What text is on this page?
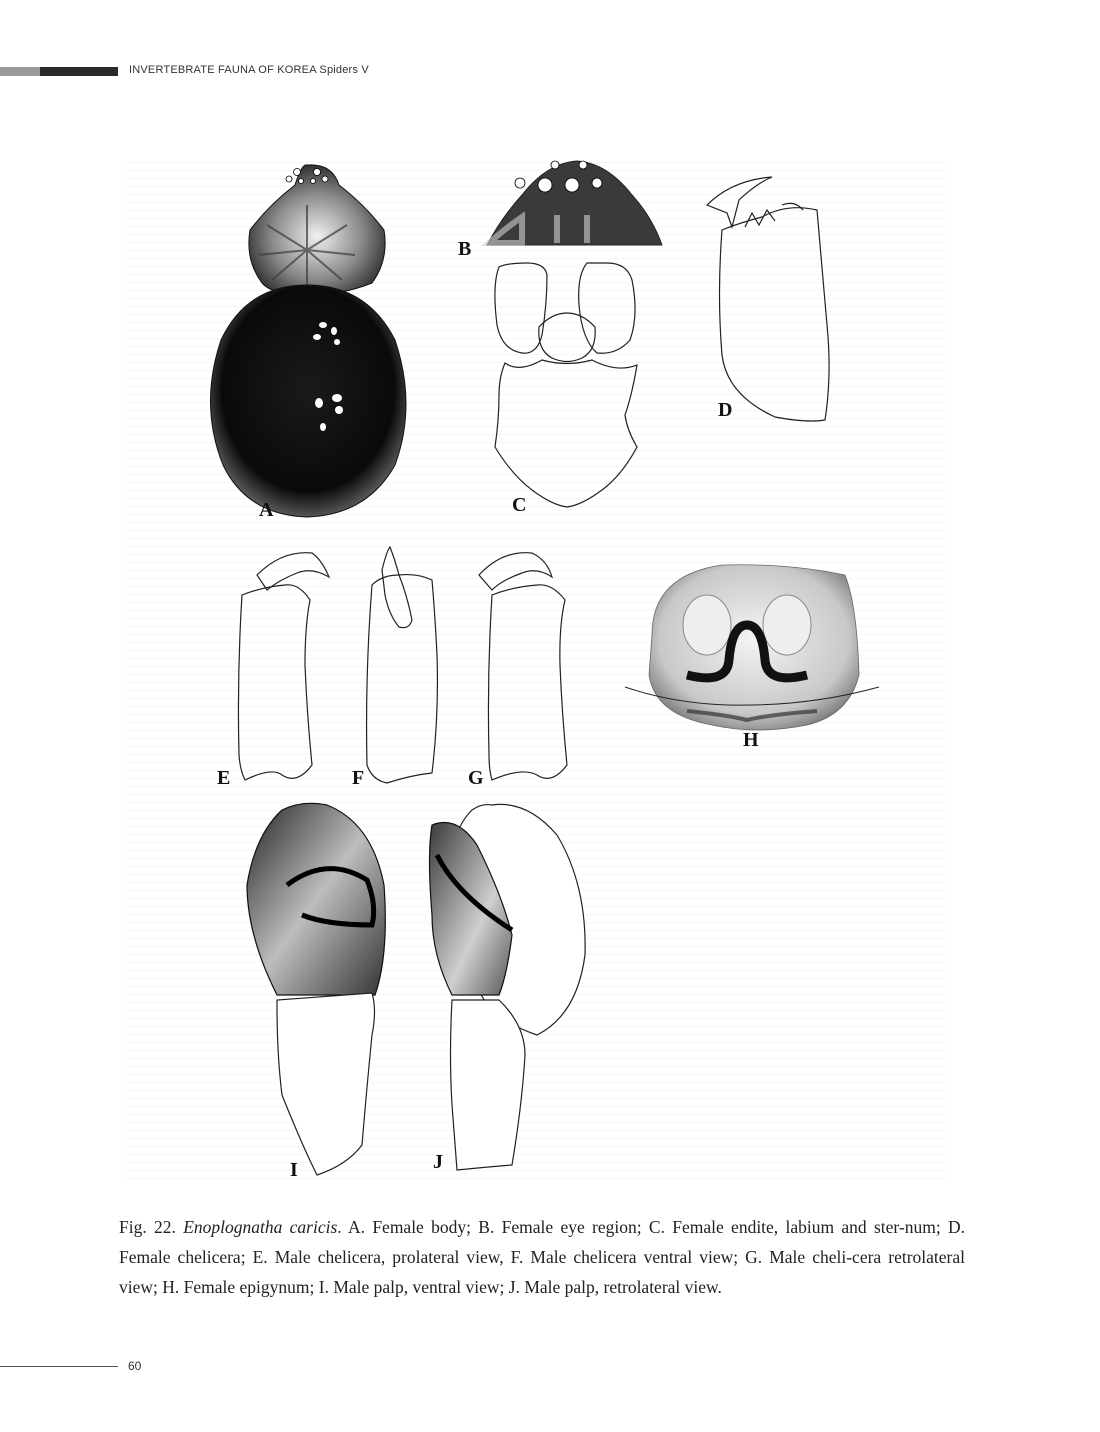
INVERTEBRATE FAUNA OF KOREA Spiders V
A
B
C
D
E	F	G
H
I	J
Fig. 22. Enoplognatha caricis. A. Female body; B. Female eye region; C. Female endite, labium and ster-num; D. Female chelicera; E. Male chelicera, prolateral view, F. Male chelicera ventral view; G. Male cheli-cera retrolateral view; H. Female epigynum; I. Male palp, ventral view; J. Male palp, retrolateral view.
60
